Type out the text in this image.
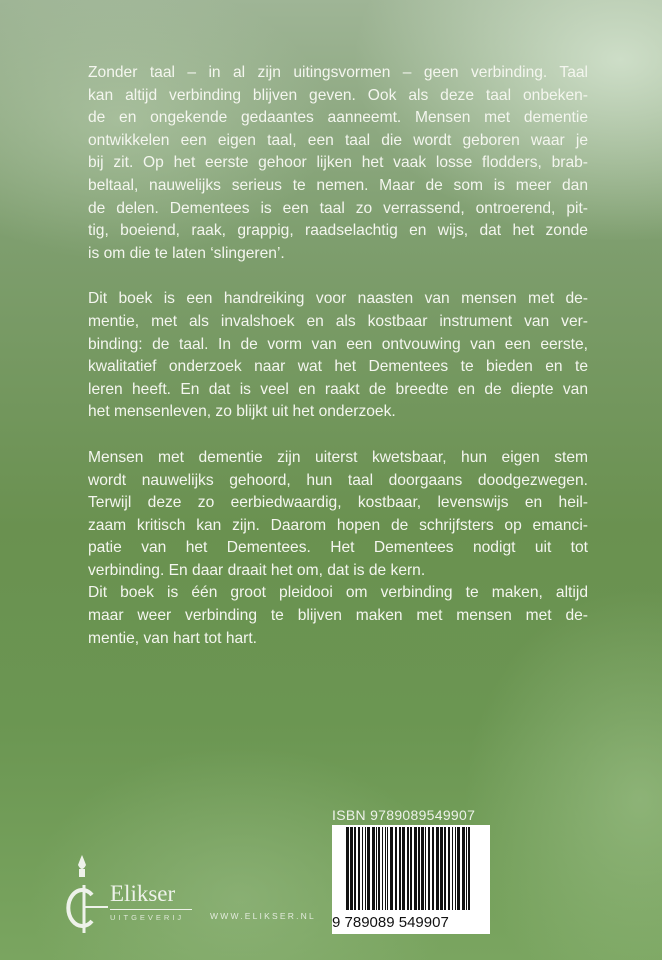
Zonder taal – in al zijn uitingsvormen – geen verbinding. Taal
kan altijd verbinding blijven geven. Ook als deze taal onbeken-
de en ongekende gedaantes aanneemt. Mensen met dementie
ontwikkelen een eigen taal, een taal die wordt geboren waar je
bij zit. Op het eerste gehoor lijken het vaak losse flodders, brab-
beltaal, nauwelijks serieus te nemen. Maar de som is meer dan
de delen. Dementees is een taal zo verrassend, ontroerend, pit-
tig, boeiend, raak, grappig, raadselachtig en wijs, dat het zonde
is om die te laten ‘slingeren’.

Dit boek is een handreiking voor naasten van mensen met de-
mentie, met als invalshoek en als kostbaar instrument van ver-
binding: de taal. In de vorm van een ontvouwing van een eerste,
kwalitatief onderzoek naar wat het Dementees te bieden en te
leren heeft. En dat is veel en raakt de breedte en de diepte van
het mensenleven, zo blijkt uit het onderzoek.

Mensen met dementie zijn uiterst kwetsbaar, hun eigen stem
wordt nauwelijks gehoord, hun taal doorgaans doodgezwegen.
Terwijl deze zo eerbiedwaardig, kostbaar, levenswijs en heil-
zaam kritisch kan zijn. Daarom hopen de schrijfsters op emanci-
patie van het Dementees. Het Dementees nodigt uit tot
verbinding. En daar draait het om, dat is de kern.

Dit boek is één groot pleidooi om verbinding te maken, altijd
maar weer verbinding te blijven maken met mensen met de-
mentie, van hart tot hart.

ISBN 9789089549907
9 789089 549907
Elikser
UITGEVERIJ	WWW.ELIKSER.NL
